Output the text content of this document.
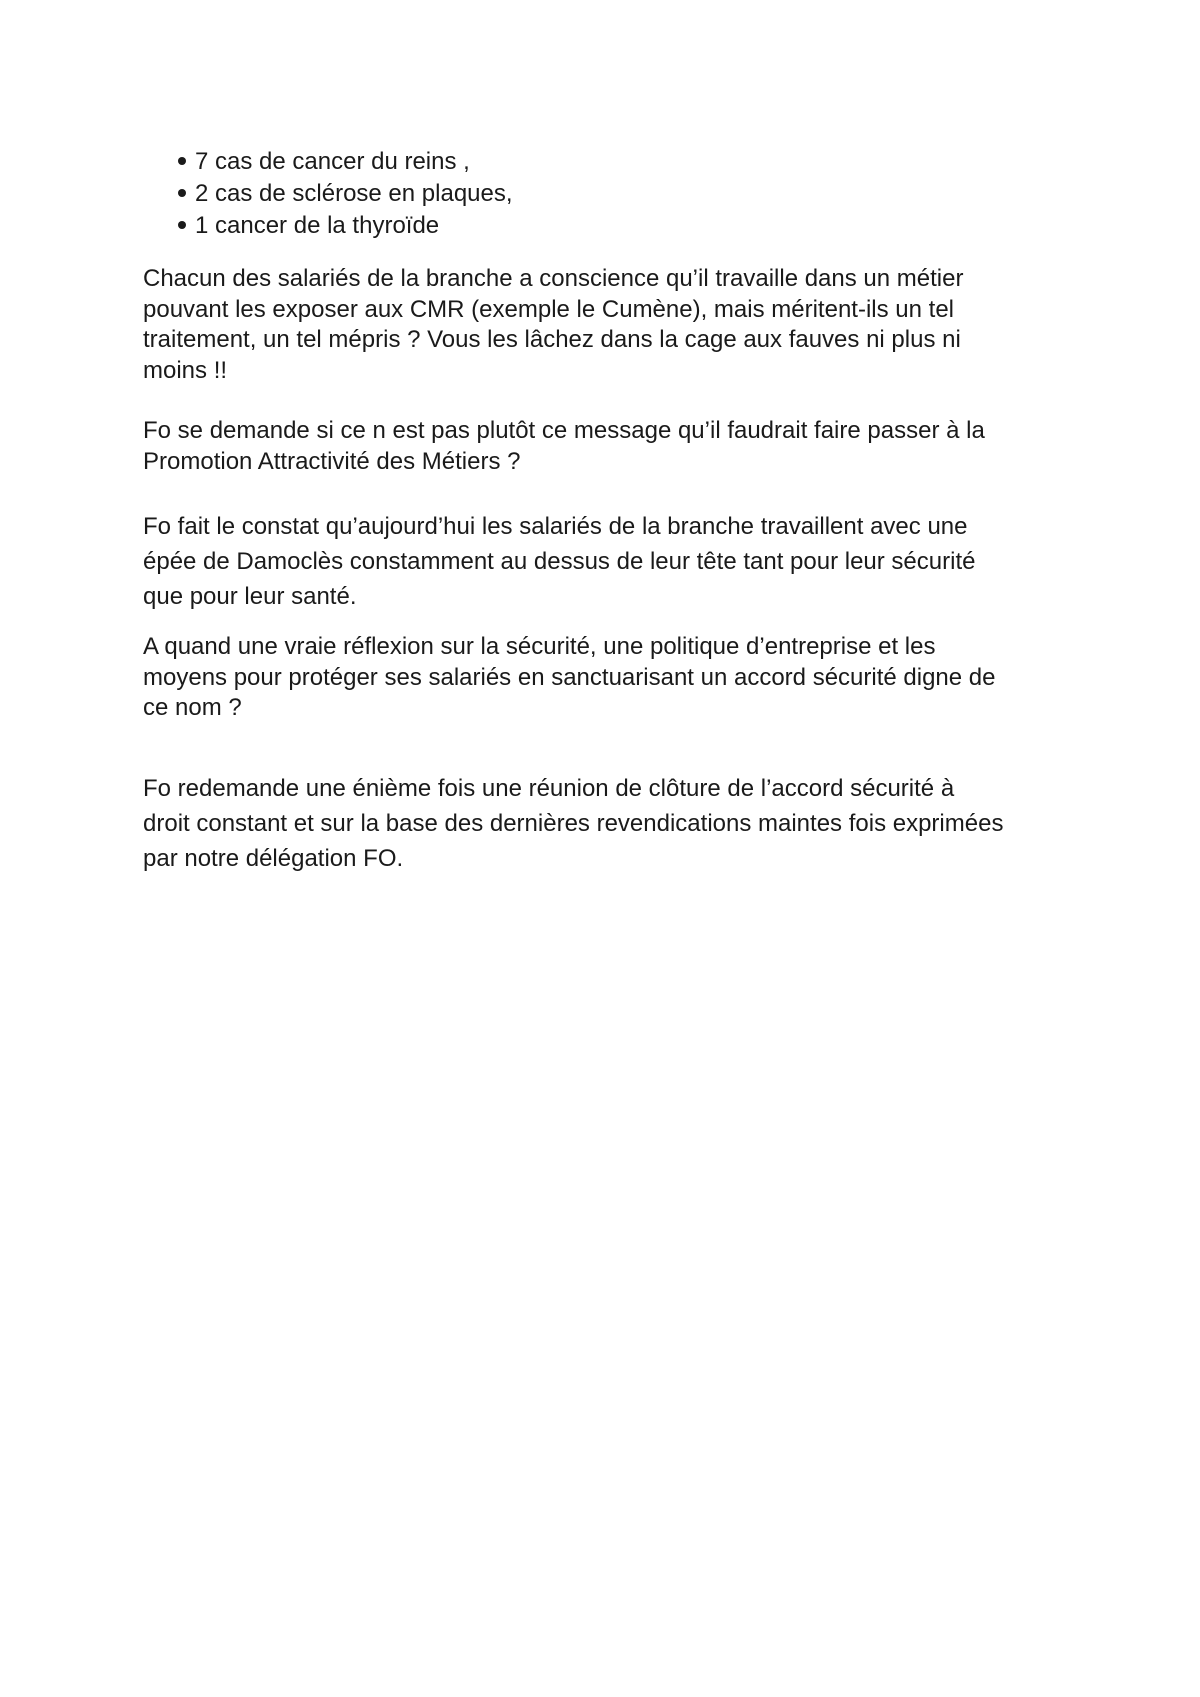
7 cas de cancer du reins ,
2 cas de sclérose en plaques,
1 cancer de la thyroïde

Chacun des salariés de la branche a conscience qu’il travaille dans un métier
pouvant les exposer aux CMR (exemple le Cumène), mais méritent-ils un tel
traitement, un tel mépris ? Vous les lâchez dans la cage aux fauves ni plus ni
moins !!

Fo se demande si ce n est pas plutôt ce message qu’il faudrait faire passer à la
Promotion Attractivité des Métiers ?

Fo fait le constat qu’aujourd’hui les salariés de la branche travaillent avec une
épée de Damoclès constamment au dessus de leur tête tant pour leur sécurité
que pour leur santé.

A quand une vraie réflexion sur la sécurité, une politique d’entreprise et les
moyens pour protéger ses salariés en sanctuarisant un accord sécurité digne de
ce nom ?

Fo redemande une énième fois une réunion de clôture de l’accord sécurité à
droit constant et sur la base des dernières revendications maintes fois exprimées
par notre délégation FO.
